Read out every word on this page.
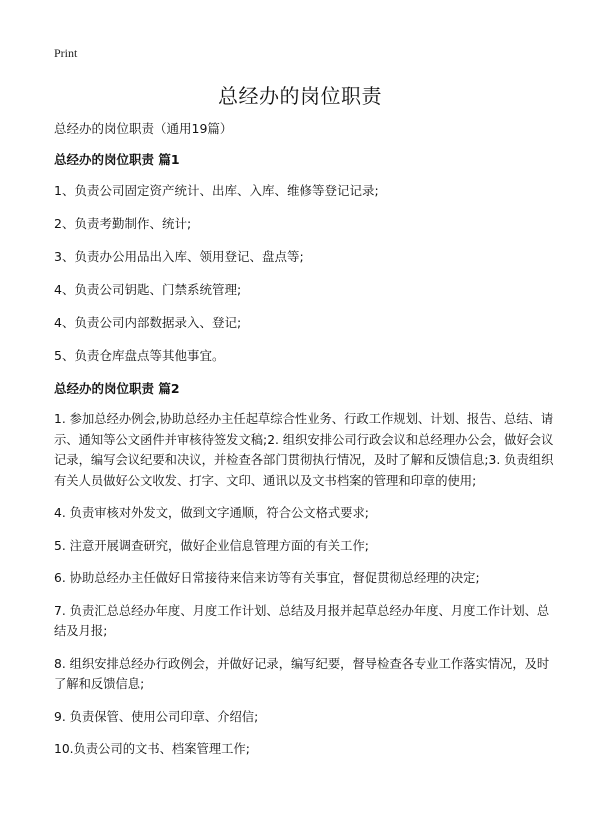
Print
总经办的岗位职责

总经办的岗位职责（通用19篇）

总经办的岗位职责 篇1

1、负责公司固定资产统计、出库、入库、维修等登记记录;

2、负责考勤制作、统计;

3、负责办公用品出入库、领用登记、盘点等;

4、负责公司钥匙、门禁系统管理;

4、负责公司内部数据录入、登记;

5、负责仓库盘点等其他事宜。

总经办的岗位职责 篇2

1. 参加总经办例会,协助总经办主任起草综合性业务、行政工作规划、计划、报告、总结、请示、通知等公文函件并审核待签发文稿;2. 组织安排公司行政会议和总经理办公会，做好会议记录，编写会议纪要和决议，并检查各部门贯彻执行情况，及时了解和反馈信息;3. 负责组织有关人员做好公文收发、打字、文印、通讯以及文书档案的管理和印章的使用;

4. 负责审核对外发文，做到文字通顺，符合公文格式要求;

5. 注意开展调查研究，做好企业信息管理方面的有关工作;

6. 协助总经办主任做好日常接待来信来访等有关事宜，督促贯彻总经理的决定;

7. 负责汇总总经办年度、月度工作计划、总结及月报并起草总经办年度、月度工作计划、总结及月报;

8. 组织安排总经办行政例会，并做好记录，编写纪要，督导检查各专业工作落实情况，及时了解和反馈信息;

9. 负责保管、使用公司印章、介绍信;

10.负责公司的文书、档案管理工作;
